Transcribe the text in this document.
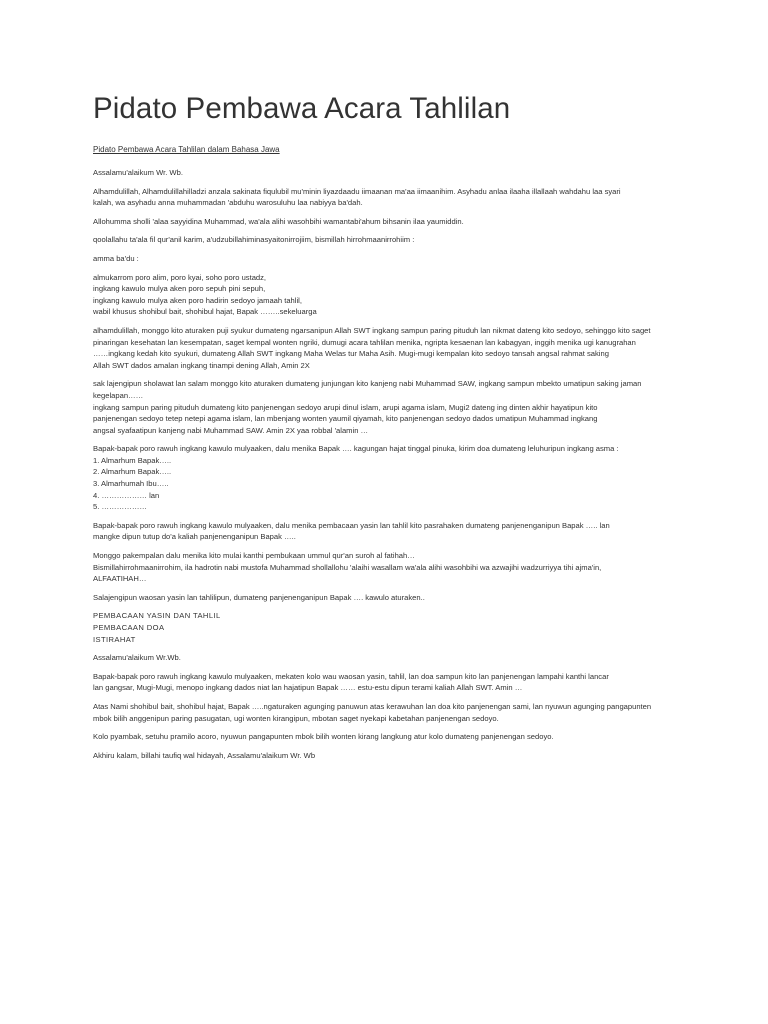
Pidato Pembawa Acara Tahlilan
Pidato Pembawa Acara Tahlilan dalam Bahasa Jawa
Assalamu'alaikum Wr. Wb.
Alhamdulillah, Alhamdulillahilladzi anzala sakinata fiqulubil mu'minin liyazdaadu iimaanan ma'aa iimaanihim. Asyhadu anlaa ilaaha illallaah wahdahu laa syari
kalah, wa asyhadu anna muhammadan 'abduhu warosuluhu laa nabiyya ba'dah.
Allohumma sholli 'alaa sayyidina Muhammad, wa'ala alihi wasohbihi wamantabi'ahum bihsanin ilaa yaumiddin.
qoolallahu ta'ala fil qur'anil karim, a'udzubillahiminasyaitonirrojiim, bismillah hirrohmaanirrohiim :
amma ba'du :
almukarrom poro alim, poro kyai, soho poro ustadz,
ingkang kawulo mulya aken poro sepuh pini sepuh,
ingkang kawulo mulya aken poro hadirin sedoyo jamaah tahlil,
wabil khusus shohibul bait, shohibul hajat, Bapak ……..sekeluarga
alhamdulillah, monggo kito aturaken puji syukur dumateng ngarsanipun Allah SWT ingkang sampun paring pituduh lan nikmat dateng kito sedoyo, sehinggo kito saget
pinaringan kesehatan lan kesempatan, saget kempal wonten ngriki, dumugi acara tahlilan menika, ngripta kesaenan lan kabagyan, inggih menika ugi kanugrahan
……ingkang kedah kito syukuri, dumateng Allah SWT ingkang Maha Welas tur Maha Asih. Mugi-mugi kempalan kito sedoyo tansah angsal rahmat saking
Allah SWT dados amalan ingkang tinampi dening Allah, Amin 2X
sak lajengipun sholawat lan salam monggo kito aturaken dumateng junjungan kito kanjeng nabi Muhammad SAW, ingkang sampun mbekto umatipun saking jaman
kegelapan……
ingkang sampun paring pituduh dumateng kito panjenengan sedoyo arupi dinul islam, arupi agama islam, Mugi2 dateng ing dinten akhir hayatipun kito
panjenengan sedoyo tetep netepi agama islam, lan mbenjang wonten yaumil qiyamah, kito panjenengan sedoyo dados umatipun Muhammad ingkang
angsal syafaatipun kanjeng nabi Muhammad SAW. Amin 2X yaa robbal 'alamin …
Bapak-bapak poro rawuh ingkang kawulo mulyaaken, dalu menika Bapak …. kagungan hajat tinggal pinuka, kirim doa dumateng leluhuripun ingkang asma :
1. Almarhum Bapak…..
2. Almarhum Bapak…..
3. Almarhumah Ibu…..
4. ……………… lan
5. ………………
Bapak-bapak poro rawuh ingkang kawulo mulyaaken, dalu menika pembacaan yasin lan tahlil kito pasrahaken dumateng panjenenganipun Bapak ….. lan
mangke dipun tutup do'a kaliah panjenenganipun Bapak …..
Monggo pakempalan dalu menika kito mulai kanthi pembukaan ummul qur'an suroh al fatihah…
Bismillahirrohmaanirrohim, ila hadrotin nabi mustofa Muhammad shollallohu 'alaihi wasallam wa'ala alihi wasohbihi wa azwajihi wadzurriyya tihi ajma'in,
ALFAATIHAH…
Salajengipun waosan yasin lan tahlilipun, dumateng panjenenganipun Bapak …. kawulo aturaken..
PEMBACAAN YASIN DAN TAHLIL
PEMBACAAN DOA
ISTIRAHAT
Assalamu'alaikum Wr.Wb.
Bapak-bapak poro rawuh ingkang kawulo mulyaaken, mekaten kolo wau waosan yasin, tahlil, lan doa sampun kito lan panjenengan lampahi kanthi lancar
lan gangsar, Mugi-Mugi, menopo ingkang dados niat lan hajatipun Bapak …… estu-estu dipun terami kaliah Allah SWT. Amin …
Atas Nami shohibul bait, shohibul hajat, Bapak …..ngaturaken agunging panuwun atas kerawuhan lan doa kito panjenengan sami, lan nyuwun agunging pangapunten
mbok bilih anggenipun paring pasugatan, ugi wonten kirangipun, mbotan saget nyekapi kabetahan panjenengan sedoyo.
Kolo pyambak, setuhu pramilo acoro, nyuwun pangapunten mbok bilih wonten kirang langkung atur kolo dumateng panjenengan sedoyo.
Akhiru kalam, billahi taufiq wal hidayah, Assalamu'alaikum Wr. Wb
